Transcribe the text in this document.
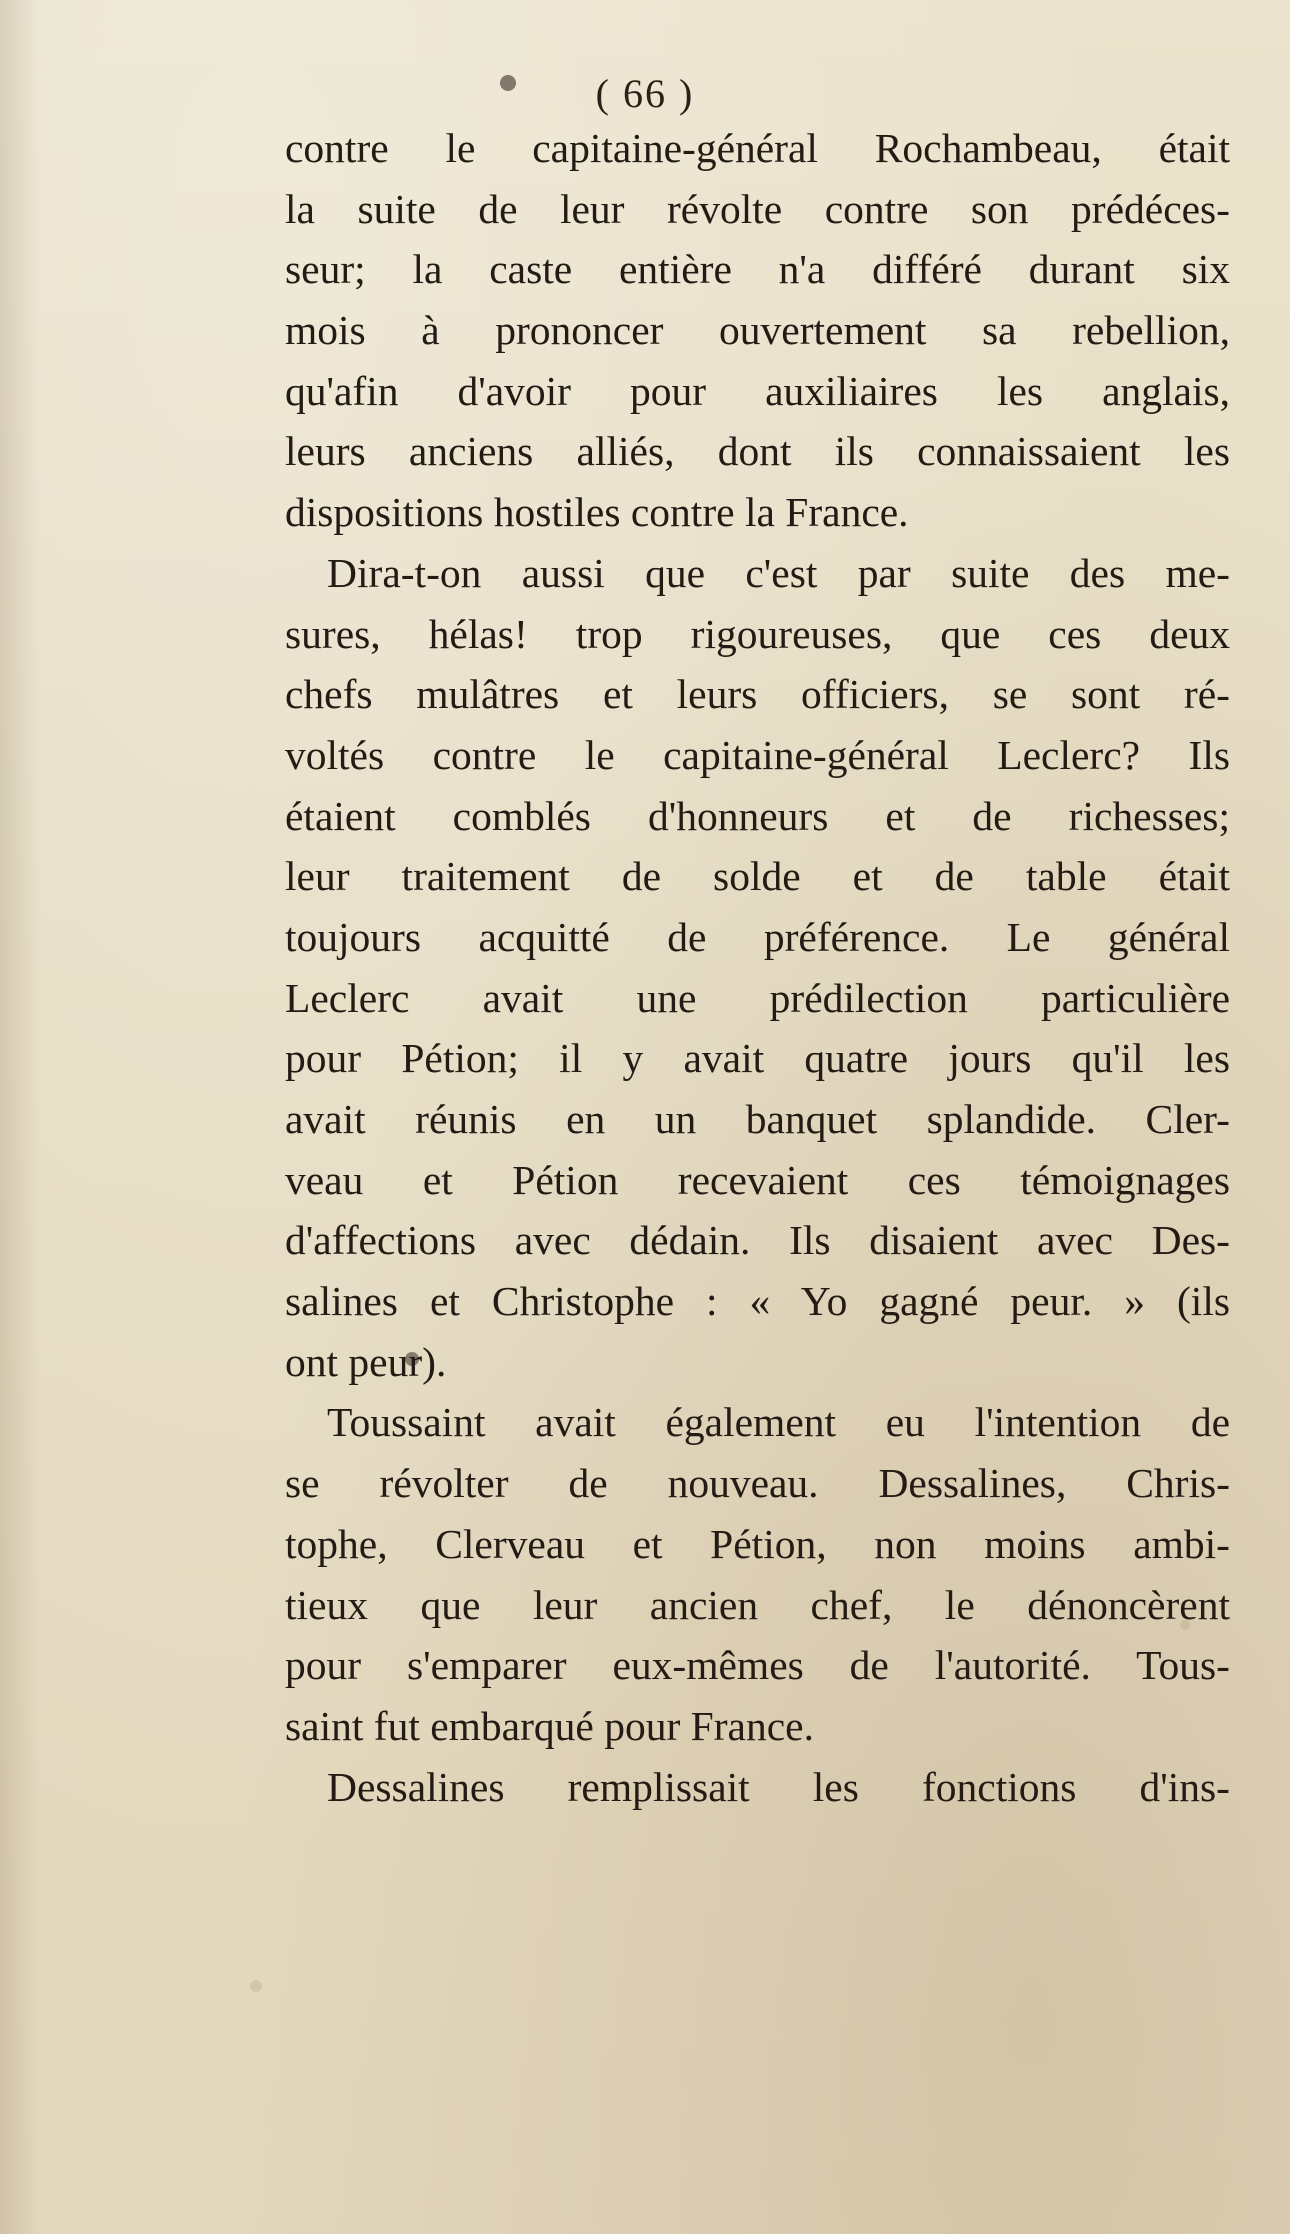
( 66 )
contre le capitaine-général Rochambeau, était
la suite de leur révolte contre son prédéces-
seur; la caste entière n'a différé durant six
mois à prononcer ouvertement sa rebellion,
qu'afin d'avoir pour auxiliaires les anglais,
leurs anciens alliés, dont ils connaissaient les
dispositions hostiles contre la France.
Dira-t-on aussi que c'est par suite des me-
sures, hélas! trop rigoureuses, que ces deux
chefs mulâtres et leurs officiers, se sont ré-
voltés contre le capitaine-général Leclerc? Ils
étaient comblés d'honneurs et de richesses;
leur traitement de solde et de table était
toujours acquitté de préférence. Le général
Leclerc avait une prédilection particulière
pour Pétion; il y avait quatre jours qu'il les
avait réunis en un banquet splandide. Cler-
veau et Pétion recevaient ces témoignages
d'affections avec dédain. Ils disaient avec Des-
salines et Christophe : « Yo gagné peur. » (ils
ont peur).
Toussaint avait également eu l'intention de
se révolter de nouveau. Dessalines, Chris-
tophe, Clerveau et Pétion, non moins ambi-
tieux que leur ancien chef, le dénoncèrent
pour s'emparer eux-mêmes de l'autorité. Tous-
saint fut embarqué pour France.
Dessalines remplissait les fonctions d'ins-
